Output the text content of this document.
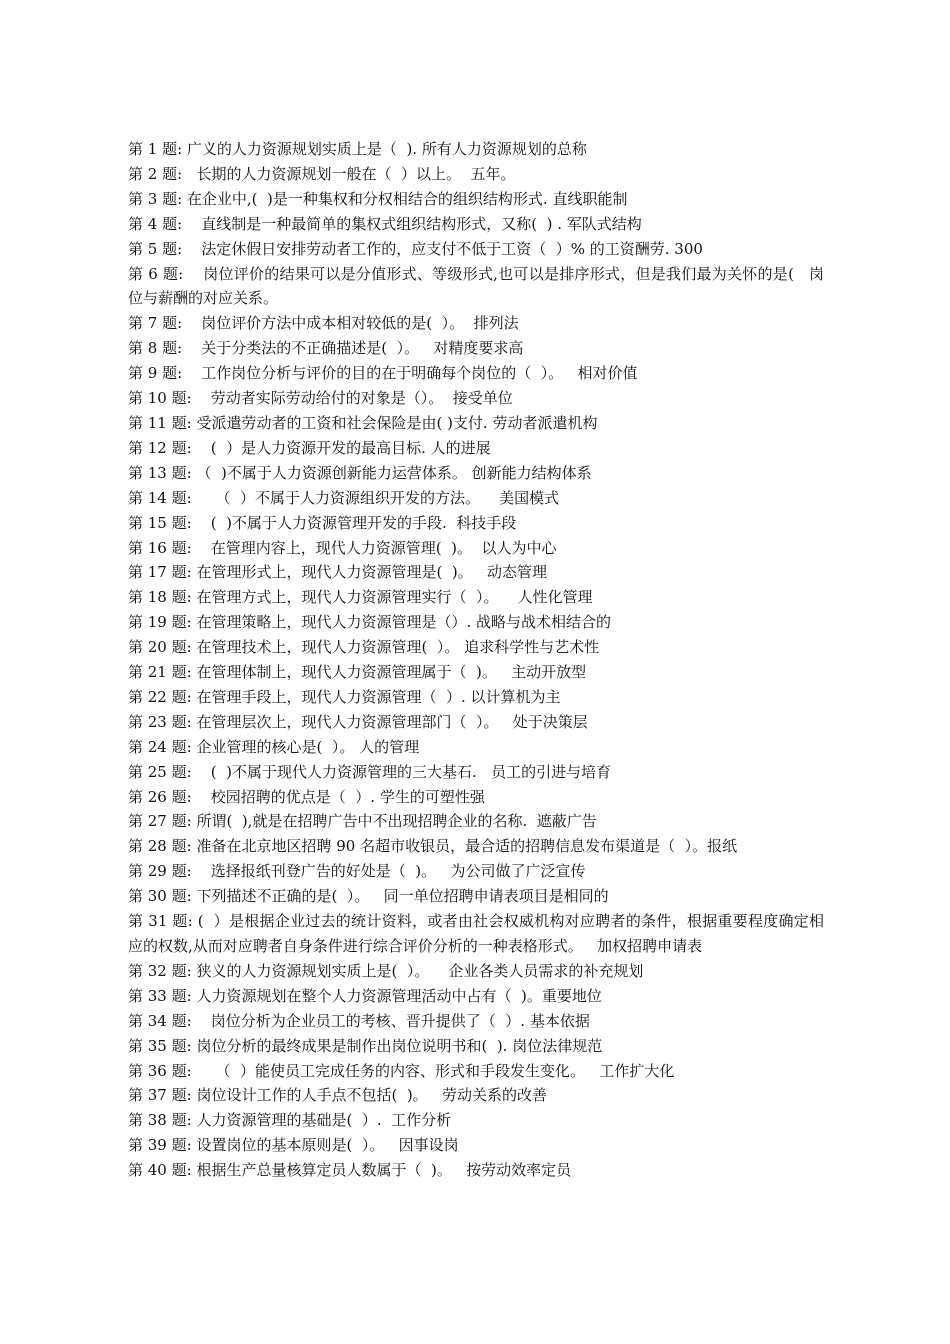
第 1 题: 广义的人力资源规划实质上是（  ). 所有人力资源规划的总称
第 2 题:   长期的人力资源规划一般在（  ）以上。  五年。
第 3 题: 在企业中,(  )是一种集权和分权相结合的组织结构形式. 直线职能制
第 4 题:    直线制是一种最简单的集权式组织结构形式，又称(  ) . 军队式结构
第 5 题:    法定休假日安排劳动者工作的，应支付不低于工资（  ）% 的工资酬劳. 300
第 6 题:    岗位评价的结果可以是分值形式、等级形式,也可以是排序形式，但是我们最为关怀的是(   岗位与薪酬的对应关系。
第 7 题:    岗位评价方法中成本相对较低的是(  ）。  排列法
第 8 题:    关于分类法的不正确描述是(  ）。   对精度要求高
第 9 题:    工作岗位分析与评价的目的在于明确每个岗位的（  ）。   相对价值
第 10 题:    劳动者实际劳动给付的对象是（）。  接受单位
第 11 题: 受派遣劳动者的工资和社会保险是由( )支付. 劳动者派遣机构
第 12 题:    (  ）是人力资源开发的最高目标. 人的进展
第 13 题: （  )不属于人力资源创新能力运营体系。 创新能力结构体系
第 14 题:     （  ）不属于人力资源组织开发的方法。    美国模式
第 15 题:    (  )不属于人力资源管理开发的手段.  科技手段
第 16 题:    在管理内容上，现代人力资源管理(  )。  以人为中心
第 17 题: 在管理形式上，现代人力资源管理是(  )。   动态管理
第 18 题: 在管理方式上，现代人力资源管理实行（  ）。    人性化管理
第 19 题: 在管理策略上，现代人力资源管理是（）. 战略与战术相结合的
第 20 题: 在管理技术上，现代人力资源管理(  ）。 追求科学性与艺术性
第 21 题: 在管理体制上，现代人力资源管理属于（  )。   主动开放型
第 22 题: 在管理手段上，现代人力资源管理（  ）. 以计算机为主
第 23 题: 在管理层次上，现代人力资源管理部门（  ）。   处于决策层
第 24 题: 企业管理的核心是(  ）。 人的管理
第 25 题:    (  )不属于现代人力资源管理的三大基石.   员工的引进与培育
第 26 题:    校园招聘的优点是（  ）. 学生的可塑性强
第 27 题: 所谓(  ),就是在招聘广告中不出现招聘企业的名称.  遮蔽广告
第 28 题: 准备在北京地区招聘 90 名超市收银员，最合适的招聘信息发布渠道是（  ）。报纸
第 29 题:    选择报纸刊登广告的好处是（  )。   为公司做了广泛宣传
第 30 题: 下列描述不正确的是(  ）。   同一单位招聘申请表项目是相同的
第 31 题: (  ）是根据企业过去的统计资料，或者由社会权威机构对应聘者的条件，根据重要程度确定相应的权数,从而对应聘者自身条件进行综合评价分析的一种表格形式。   加权招聘申请表
第 32 题: 狭义的人力资源规划实质上是(  ）。    企业各类人员需求的补充规划
第 33 题: 人力资源规划在整个人力资源管理活动中占有（  )。重要地位
第 34 题:    岗位分析为企业员工的考核、晋升提供了（  ）. 基本依据
第 35 题: 岗位分析的最终成果是制作出岗位说明书和(  ). 岗位法律规范
第 36 题:     （  ）能使员工完成任务的内容、形式和手段发生变化。   工作扩大化
第 37 题: 岗位设计工作的人手点不包括(  )。   劳动关系的改善
第 38 题: 人力资源管理的基础是(  ）.  工作分析
第 39 题: 设置岗位的基本原则是(  ）。   因事设岗
第 40 题: 根据生产总量核算定员人数属于（  )。   按劳动效率定员
